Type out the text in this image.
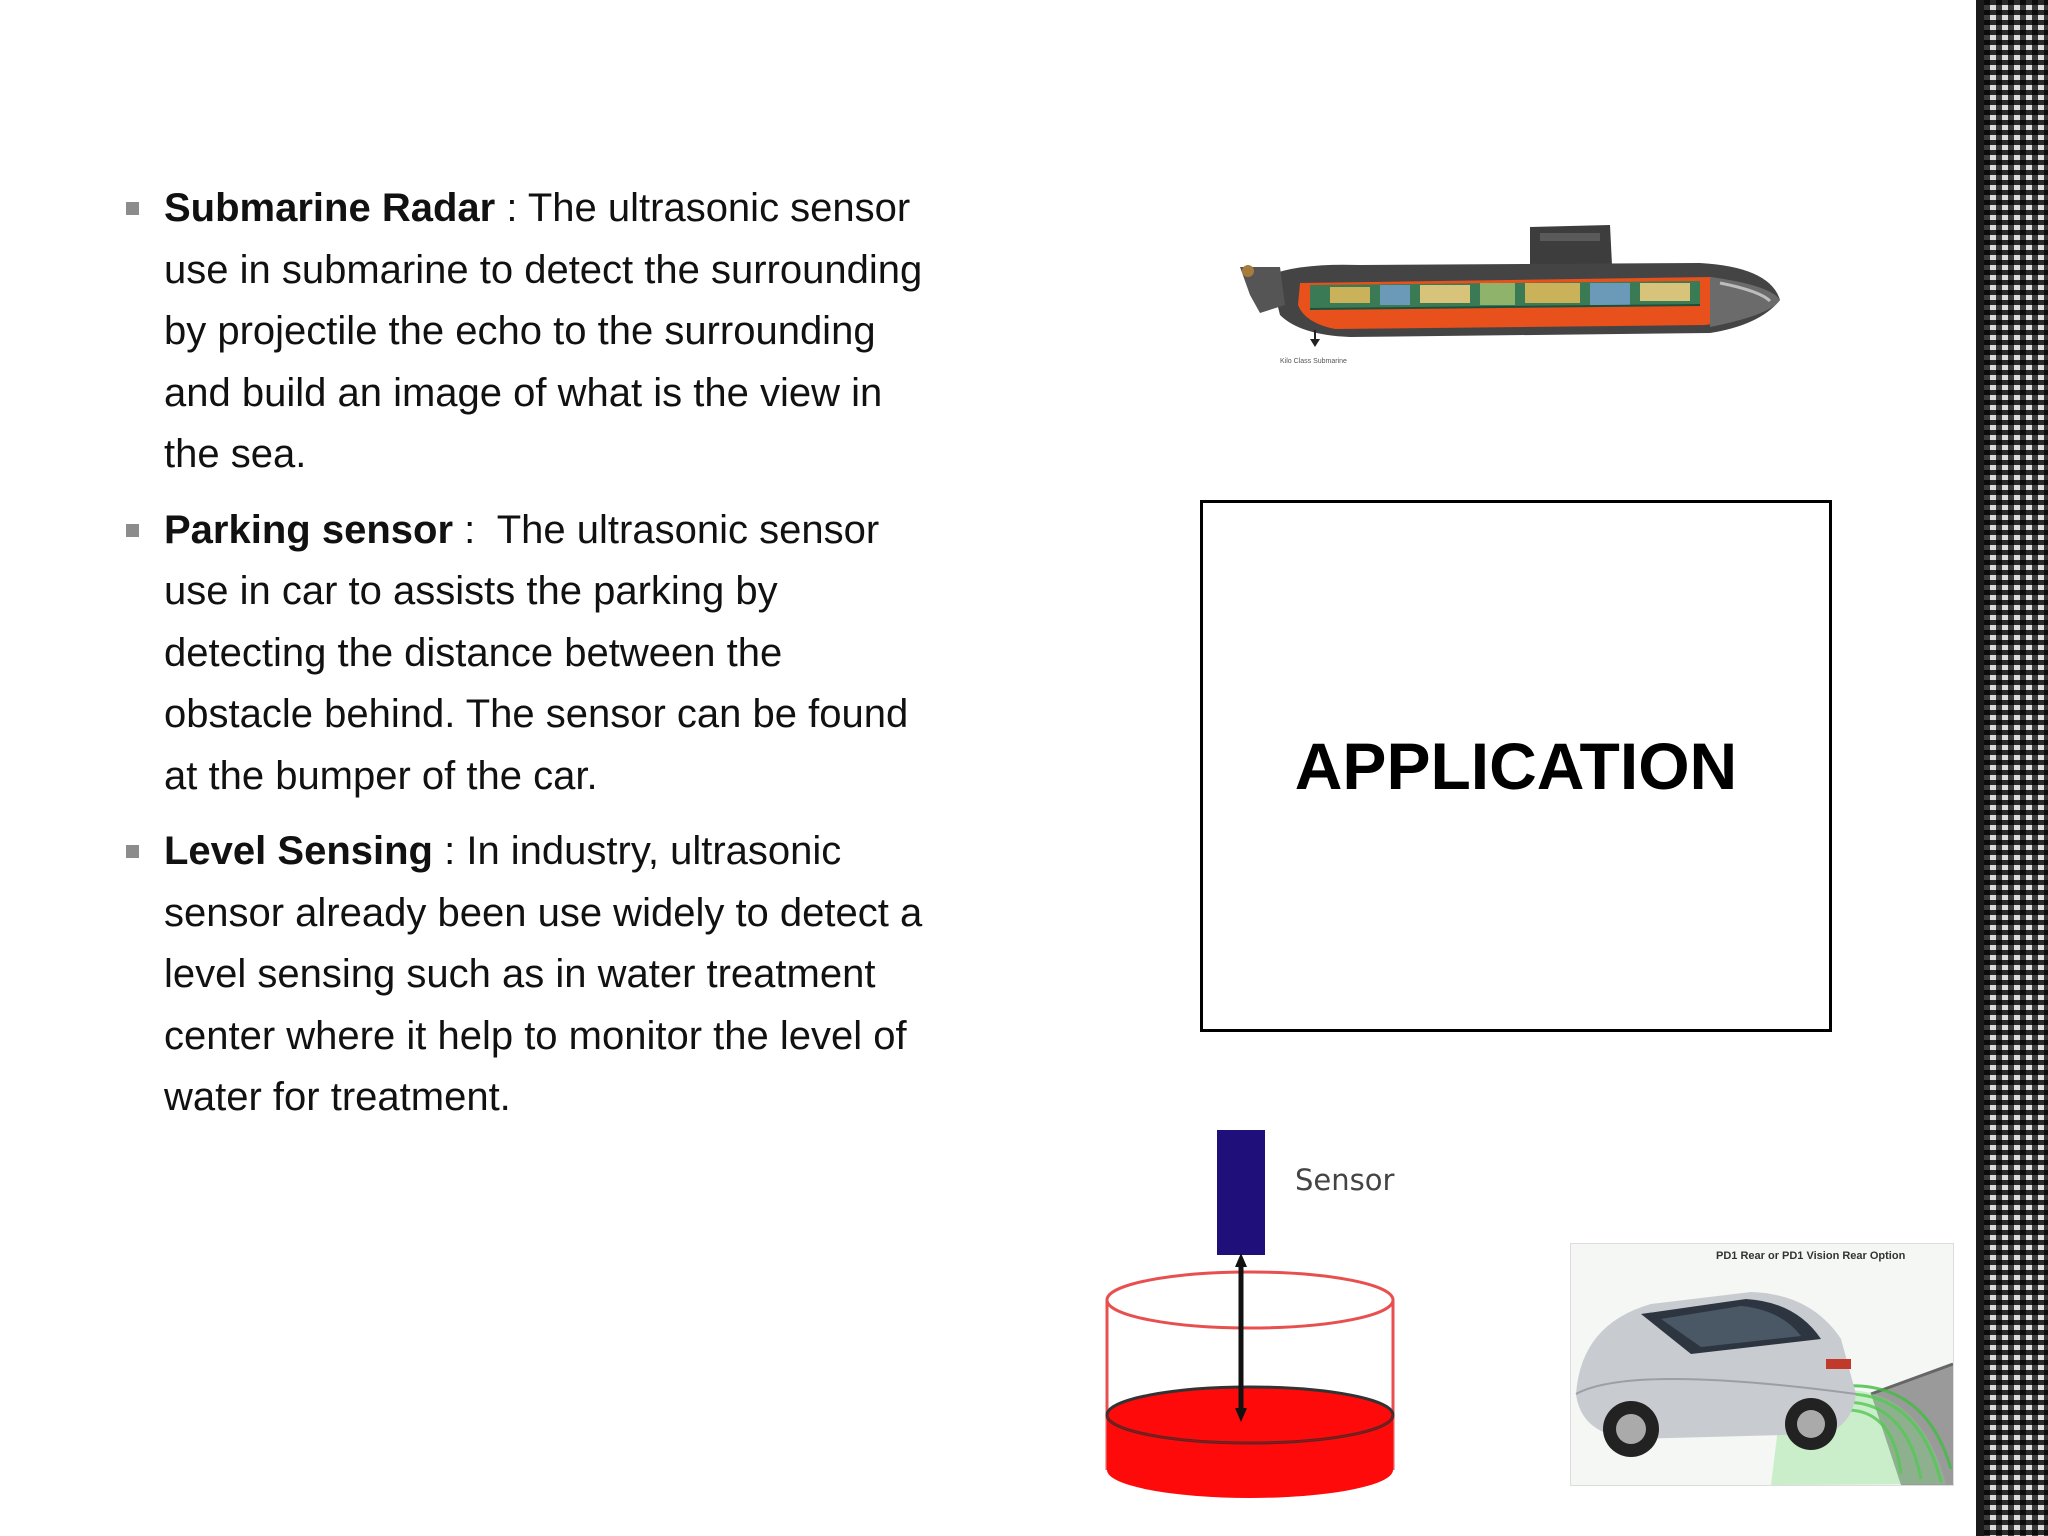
Submarine Radar : The ultrasonic sensor use in submarine to detect the surrounding by projectile the echo to the surrounding and build an image of what is the view in the sea.
Parking sensor :  The ultrasonic sensor use in car to assists the parking by detecting the distance between the obstacle behind. The sensor can be found at the bumper of the car.
Level Sensing : In industry, ultrasonic sensor already been use widely to detect a level sensing such as in water treatment center where it help to monitor the level of water for treatment.
Kilo Class Submarine
APPLICATION
Sensor
PD1 Rear or PD1 Vision Rear Option
